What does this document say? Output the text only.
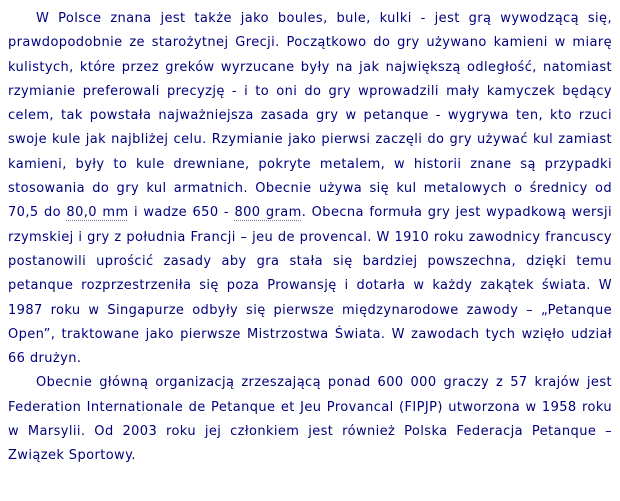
W Polsce znana jest także jako boules, bule, kulki - jest grą wywodzącą się, prawdopodobnie ze starożytnej Grecji. Początkowo do gry używano kamieni w miarę kulistych, które przez greków wyrzucane były na jak największą odległość, natomiast rzymianie preferowali precyzję - i to oni do gry wprowadzili mały kamyczek będący celem, tak powstała najważniejsza zasada gry w petanque - wygrywa ten, kto rzuci swoje kule jak najbliżej celu. Rzymianie jako pierwsi zaczęli do gry używać kul zamiast kamieni, były to kule drewniane, pokryte metalem, w historii znane są przypadki stosowania do gry kul armatnich. Obecnie używa się kul metalowych o średnicy od 70,5 do 80,0 mm i wadze 650 - 800 gram. Obecna formuła gry jest wypadkową wersji rzymskiej i gry z południa Francji – jeu de provencal. W 1910 roku zawodnicy francuscy postanowili uprościć zasady aby gra stała się bardziej powszechna, dzięki temu petanque rozprzestrzeniła się poza Prowansję i dotarła w każdy zakątek świata. W 1987 roku w Singapurze odbyły się pierwsze międzynarodowe zawody – „Petanque Open”, traktowane jako pierwsze Mistrzostwa Świata. W zawodach tych wzięło udział 66 drużyn.

Obecnie główną organizacją zrzeszającą ponad 600 000 graczy z 57 krajów jest Federation Internationale de Petanque et Jeu Provancal (FIPJP) utworzona w 1958 roku w Marsylii. Od 2003 roku jej członkiem jest również Polska Federacja Petanque – Związek Sportowy.
